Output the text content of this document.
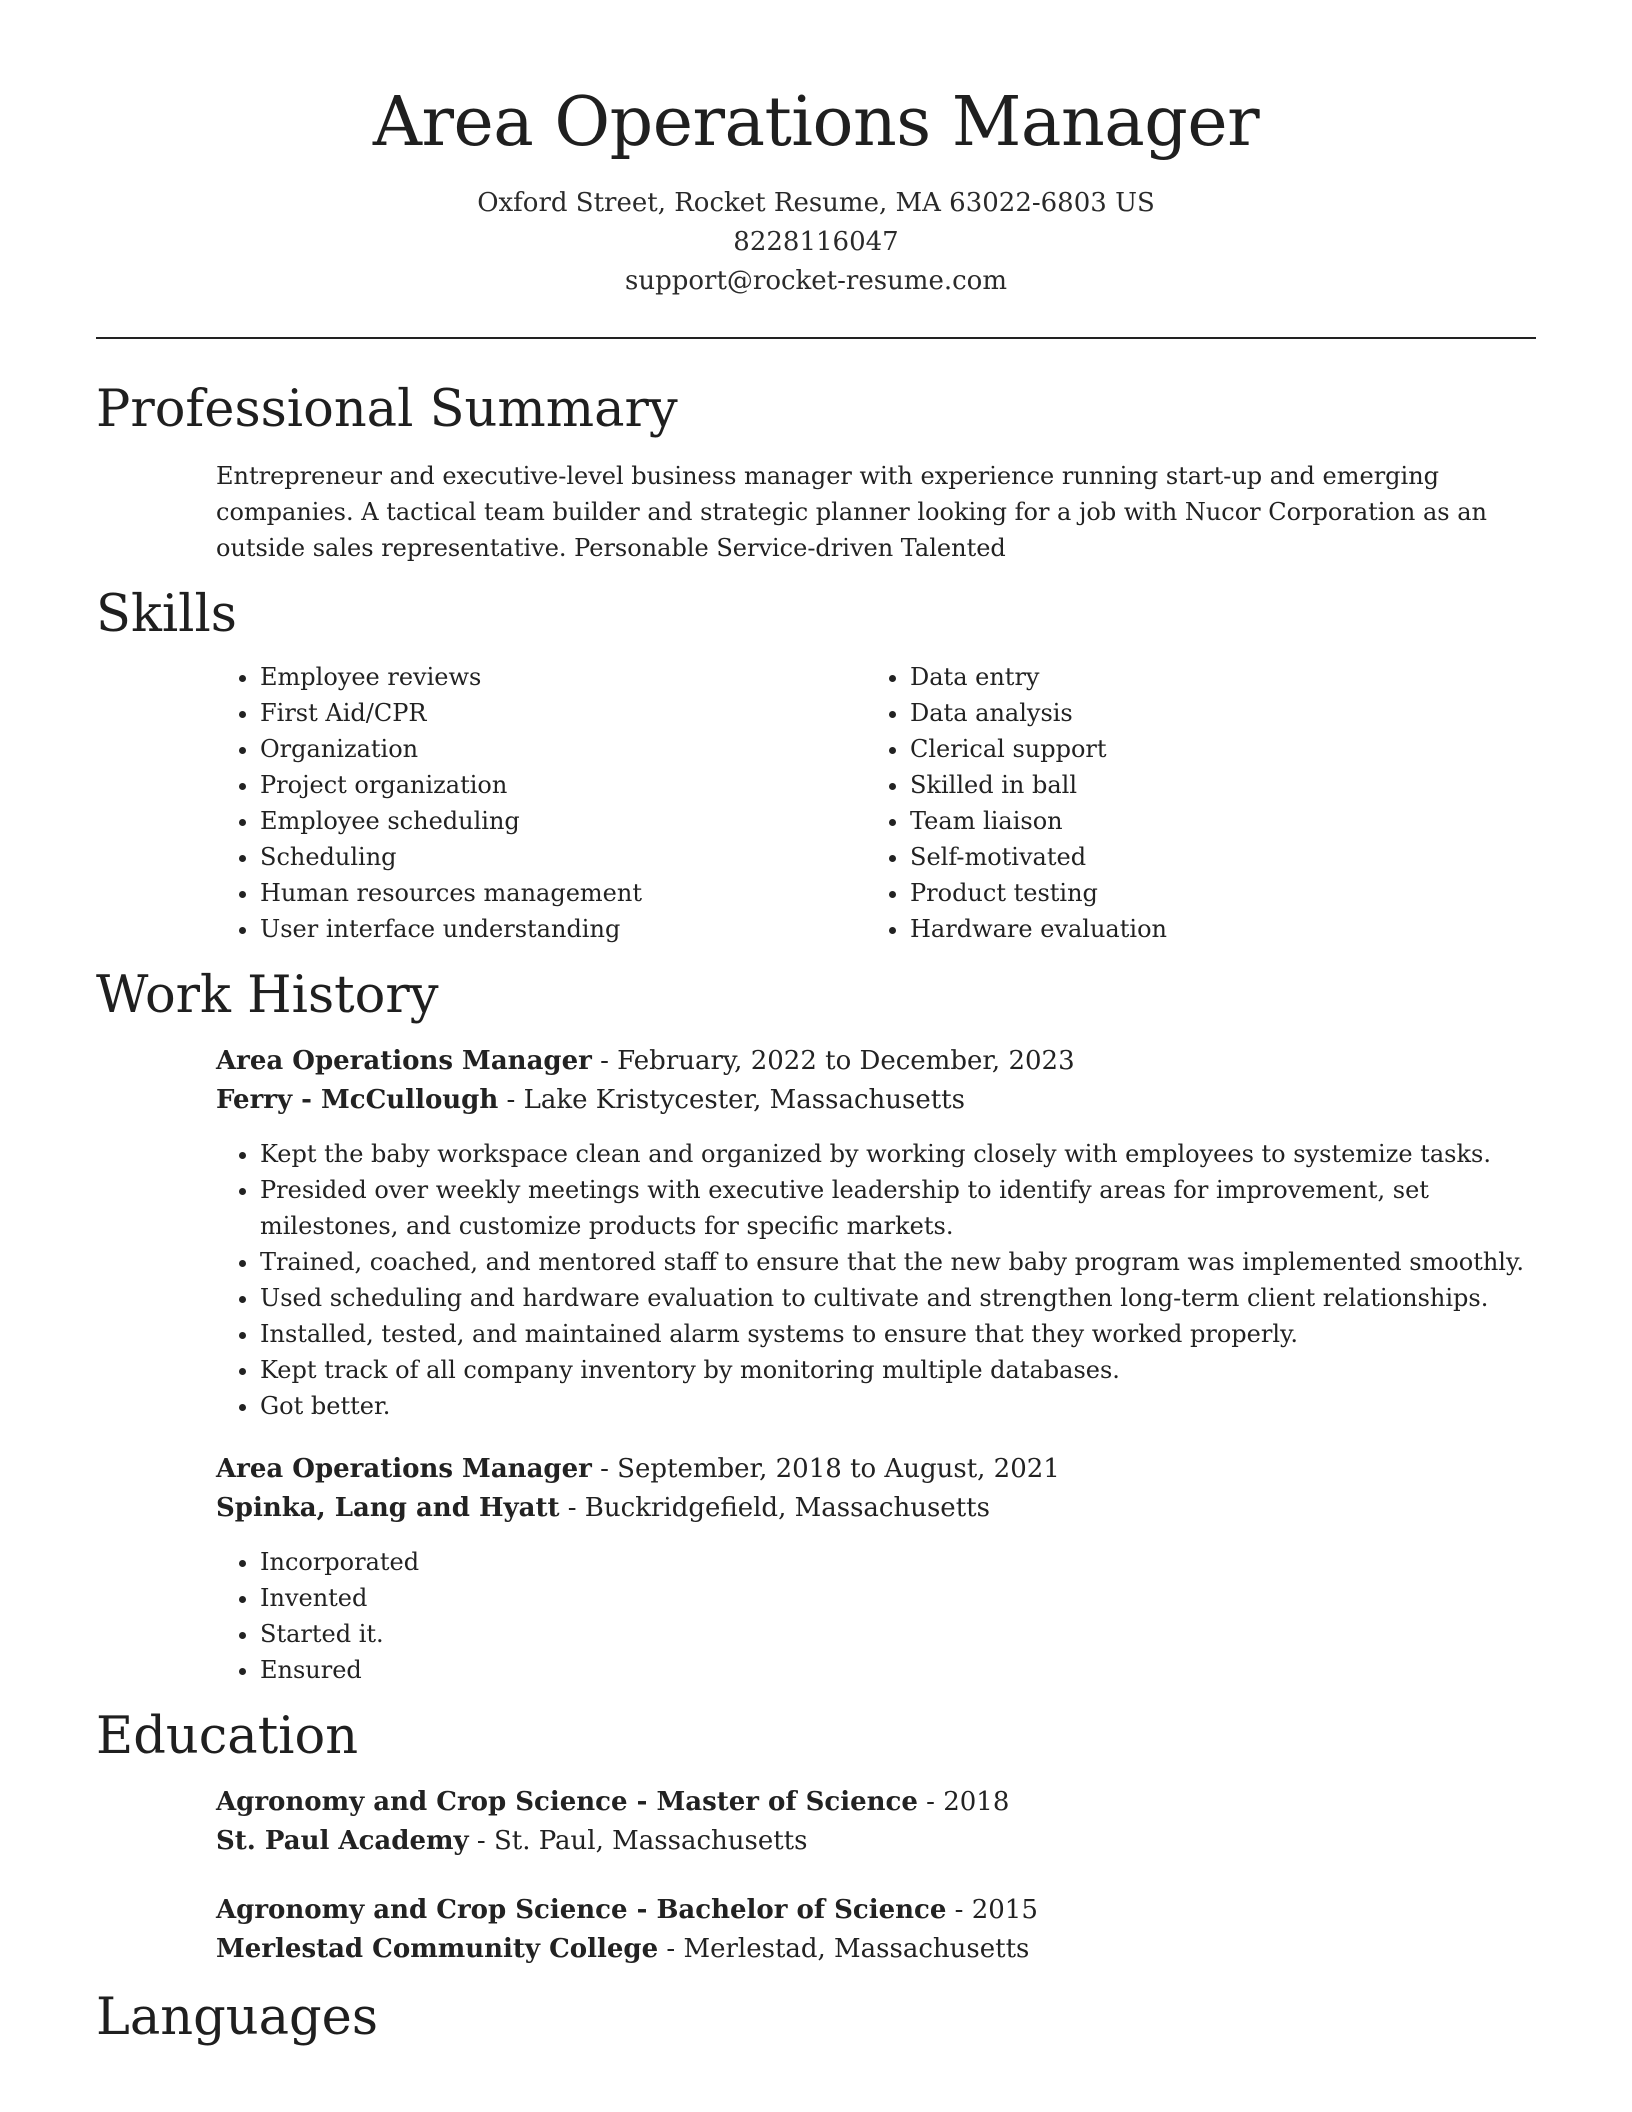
Area Operations Manager
Oxford Street, Rocket Resume, MA 63022-6803 US
8228116047
support@rocket-resume.com
Professional Summary

Entrepreneur and executive-level business manager with experience running start-up and emerging companies. A tactical team builder and strategic planner looking for a job with Nucor Corporation as an outside sales representative. Personable Service-driven Talented

Skills
• Employee reviews
• First Aid/CPR
• Organization
• Project organization
• Employee scheduling
• Scheduling
• Human resources management
• User interface understanding
• Data entry
• Data analysis
• Clerical support
• Skilled in ball
• Team liaison
• Self-motivated
• Product testing
• Hardware evaluation
Work History
Area Operations Manager - February, 2022 to December, 2023
Ferry - McCullough - Lake Kristycester, Massachusetts
• Kept the baby workspace clean and organized by working closely with employees to systemize tasks.
• Presided over weekly meetings with executive leadership to identify areas for improvement, set milestones, and customize products for specific markets.
• Trained, coached, and mentored staff to ensure that the new baby program was implemented smoothly.
• Used scheduling and hardware evaluation to cultivate and strengthen long-term client relationships.
• Installed, tested, and maintained alarm systems to ensure that they worked properly.
• Kept track of all company inventory by monitoring multiple databases.
• Got better.
Area Operations Manager - September, 2018 to August, 2021
Spinka, Lang and Hyatt - Buckridgefield, Massachusetts
• Incorporated
• Invented
• Started it.
• Ensured
Education
Agronomy and Crop Science - Master of Science - 2018
St. Paul Academy - St. Paul, Massachusetts
Agronomy and Crop Science - Bachelor of Science - 2015
Merlestad Community College - Merlestad, Massachusetts
Languages
